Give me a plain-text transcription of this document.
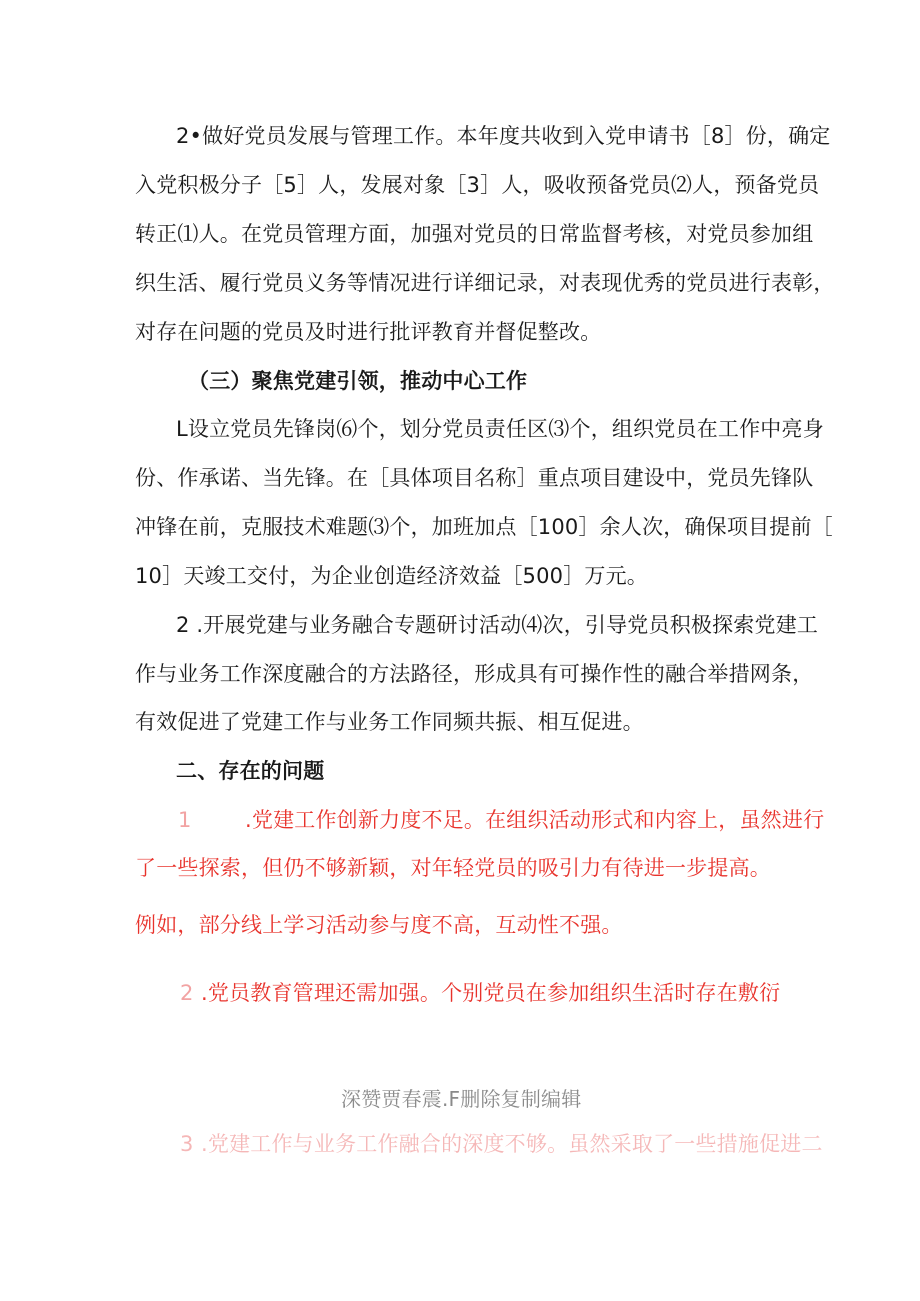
2•做好党员发展与管理工作。本年度共收到入党申请书［8］份，确定
入党积极分子［5］人，发展对象［3］人，吸收预备党员⑵人，预备党员
转正⑴人。在党员管理方面，加强对党员的日常监督考核，对党员参加组
织生活、履行党员义务等情况进行详细记录，对表现优秀的党员进行表彰，
对存在问题的党员及时进行批评教育并督促整改。
（三）聚焦党建引领，推动中心工作
L设立党员先锋岗⑹个，划分党员责任区⑶个，组织党员在工作中亮身
份、作承诺、当先锋。在［具体项目名称］重点项目建设中，党员先锋队
冲锋在前，克服技术难题⑶个，加班加点［100］余人次，确保项目提前［
10］天竣工交付，为企业创造经济效益［500］万元。
2 .开展党建与业务融合专题研讨活动⑷次，引导党员积极探索党建工
作与业务工作深度融合的方法路径，形成具有可操作性的融合举措网条，
有效促进了党建工作与业务工作同频共振、相互促进。
二、存在的问题
1	.党建工作创新力度不足。在组织活动形式和内容上，虽然进行
了一些探索，但仍不够新颖，对年轻党员的吸引力有待进一步提高。
例如，部分线上学习活动参与度不高，互动性不强。
2 .党员教育管理还需加强。个别党员在参加组织生活时存在敷衍
深赞贾春震.F删除复制编辑
3 .党建工作与业务工作融合的深度不够。虽然采取了一些措施促进二
